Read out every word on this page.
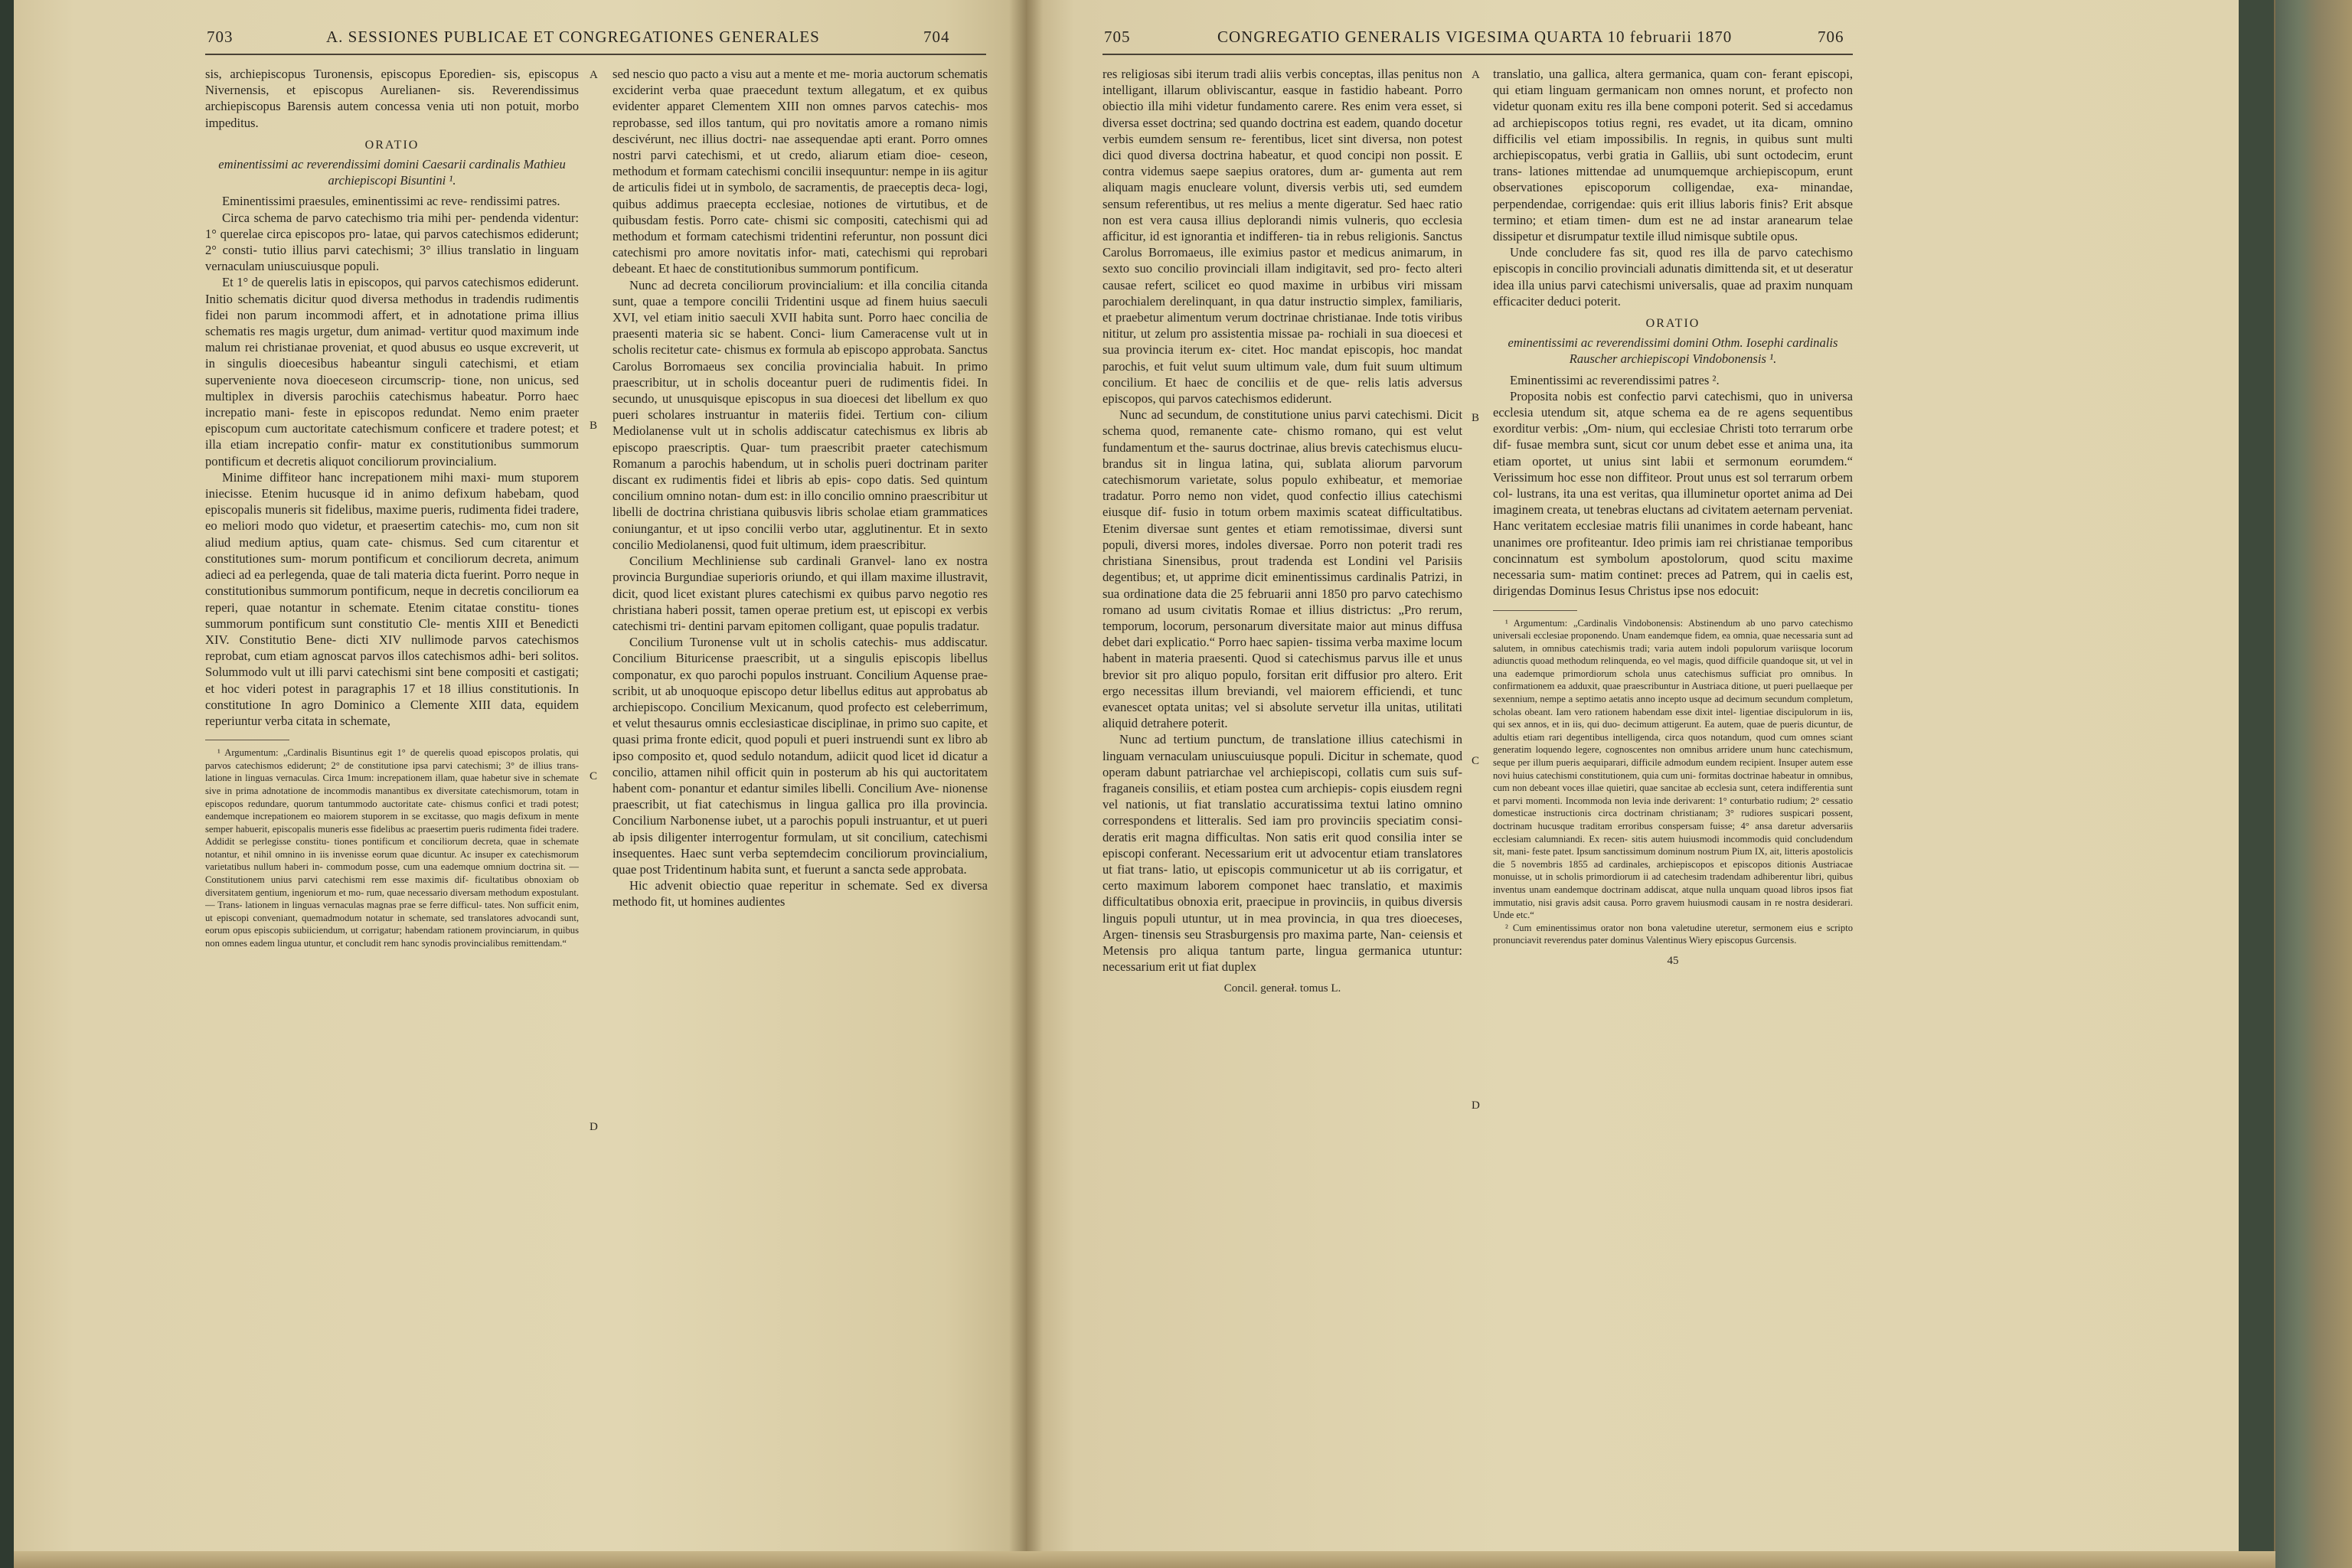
703	A. SESSIONES PUBLICAE ET CONGREGATIONES GENERALES	704

sis, archiepiscopus Turonensis, episcopus Eporedien- sis, episcopus Nivernensis, et episcopus Aurelianen- sis. Reverendissimus archiepiscopus Barensis autem concessa venia uti non potuit, morbo impeditus.

ORATIO
eminentissimi ac reverendissimi domini Caesarii cardinalis Mathieu archiepiscopi Bisuntini ¹.

Eminentissimi praesules, eminentissimi ac reve- rendissimi patres.

Circa schema de parvo catechismo tria mihi per- pendenda videntur: 1° querelae circa episcopos pro- latae, qui parvos catechismos ediderunt; 2° consti- tutio illius parvi catechismi; 3° illius translatio in linguam vernaculam uniuscuiusque populi.

Et 1° de querelis latis in episcopos, qui parvos catechismos ediderunt. Initio schematis dicitur quod diversa methodus in tradendis rudimentis fidei non parum incommodi affert, et in adnotatione prima illius schematis res magis urgetur, dum animad- vertitur quod maximum inde malum rei christianae proveniat, et quod abusus eo usque excreverit, ut in singulis dioecesibus habeantur singuli catechismi, et etiam superveniente nova dioeceseon circumscrip- tione, non unicus, sed multiplex in diversis parochiis catechismus habeatur. Porro haec increpatio mani- feste in episcopos redundat. Nemo enim praeter episcopum cum auctoritate catechismum conficere et tradere potest; et illa etiam increpatio confir- matur ex constitutionibus summorum pontificum et decretis aliquot conciliorum provincialium.

Minime diffiteor hanc increpationem mihi maxi- mum stuporem iniecisse. Etenim hucusque id in animo defixum habebam, quod episcopalis muneris sit fidelibus, maxime pueris, rudimenta fidei tradere, eo meliori modo quo videtur, et praesertim catechis- mo, cum non sit aliud medium aptius, quam cate- chismus. Sed cum citarentur et constitutiones sum- morum pontificum et conciliorum decreta, animum adieci ad ea perlegenda, quae de tali materia dicta fuerint. Porro neque in constitutionibus summorum pontificum, neque in decretis conciliorum ea reperi, quae notantur in schemate. Etenim citatae constitu- tiones summorum pontificum sunt constitutio Cle- mentis XIII et Benedicti XIV. Constitutio Bene- dicti XIV nullimode parvos catechismos reprobat, cum etiam agnoscat parvos illos catechismos adhi- beri solitos. Solummodo vult ut illi parvi catechismi sint bene compositi et castigati; et hoc videri potest in paragraphis 17 et 18 illius constitutionis. In constitutione In agro Dominico a Clemente XIII data, equidem reperiuntur verba citata in schemate,

¹ Argumentum: „Cardinalis Bisuntinus egit 1° de querelis quoad episcopos prolatis, qui parvos catechismos ediderunt; 2° de constitutione ipsa parvi catechismi; 3° de illius trans- latione in linguas vernaculas. Circa 1mum: increpationem illam, quae habetur sive in schemate sive in prima adnotatione de incommodis manantibus ex diversitate catechismorum, totam in episcopos redundare, quorum tantummodo auctoritate cate- chismus confici et tradi potest; eandemque increpationem eo maiorem stuporem in se excitasse, quo magis defixum in mente semper habuerit, episcopalis muneris esse fidelibus ac praesertim pueris rudimenta fidei tradere. Addidit se perlegisse constitu- tiones pontificum et conciliorum decreta, quae in schemate notantur, et nihil omnino in iis invenisse eorum quae dicuntur. Ac insuper ex catechismorum varietatibus nullum haberi in- commodum posse, cum una eademque omnium doctrina sit. — Constitutionem unius parvi catechismi rem esse maximis dif- ficultatibus obnoxiam ob diversitatem gentium, ingeniorum et mo- rum, quae necessario diversam methodum expostulant. — Trans- lationem in linguas vernaculas magnas prae se ferre difficul- tates. Non sufficit enim, ut episcopi conveniant, quemadmodum notatur in schemate, sed translatores advocandi sunt, eorum opus episcopis subiiciendum, ut corrigatur; habendam rationem provinciarum, in quibus non omnes eadem lingua utuntur, et concludit rem hanc synodis provincialibus remittendam.“

sed nescio quo pacto a visu aut a mente et me- moria auctorum schematis exciderint verba quae praecedunt textum allegatum, et ex quibus evidenter apparet Clementem XIII non omnes parvos catechis- mos reprobasse, sed illos tantum, qui pro novitatis amore a romano nimis descivérunt, nec illius doctri- nae assequendae apti erant. Porro omnes nostri parvi catechismi, et ut credo, aliarum etiam dioe- ceseon, methodum et formam catechismi concilii insequuntur: nempe in iis agitur de articulis fidei ut in symbolo, de sacramentis, de praeceptis deca- logi, quibus addimus praecepta ecclesiae, notiones de virtutibus, et de quibusdam festis. Porro cate- chismi sic compositi, catechismi qui ad methodum et formam catechismi tridentini referuntur, non possunt dici catechismi pro amore novitatis infor- mati, catechismi qui reprobari debeant. Et haec de constitutionibus summorum pontificum.

Nunc ad decreta conciliorum provincialium: et illa concilia citanda sunt, quae a tempore concilii Tridentini usque ad finem huius saeculi XVI, vel etiam initio saeculi XVII habita sunt. Porro haec concilia de praesenti materia sic se habent. Conci- lium Cameracense vult ut in scholis recitetur cate- chismus ex formula ab episcopo approbata. Sanctus Carolus Borromaeus sex concilia provincialia habuit. In primo praescribitur, ut in scholis doceantur pueri de rudimentis fidei. In secundo, ut unusquisque episcopus in sua dioecesi det libellum ex quo pueri scholares instruantur in materiis fidei. Tertium con- cilium Mediolanense vult ut in scholis addiscatur catechismus ex libris ab episcopo praescriptis. Quar- tum praescribit praeter catechismum Romanum a parochis habendum, ut in scholis pueri doctrinam pariter discant ex rudimentis fidei et libris ab epis- copo datis. Sed quintum concilium omnino notan- dum est: in illo concilio omnino praescribitur ut libelli de doctrina christiana quibusvis libris scholae etiam grammatices coniungantur, et ut ipso concilii verbo utar, agglutinentur. Et in sexto concilio Mediolanensi, quod fuit ultimum, idem praescribitur.

Concilium Mechliniense sub cardinali Granvel- lano ex nostra provincia Burgundiae superioris oriundo, et qui illam maxime illustravit, dicit, quod licet existant plures catechismi ex quibus parvo negotio res christiana haberi possit, tamen operae pretium est, ut episcopi ex verbis catechismi tri- dentini parvam epitomen colligant, quae populis tradatur.

Concilium Turonense vult ut in scholis catechis- mus addiscatur. Concilium Bituricense praescribit, ut a singulis episcopis libellus componatur, ex quo parochi populos instruant. Concilium Aquense prae- scribit, ut ab unoquoque episcopo detur libellus editus aut approbatus ab archiepiscopo. Concilium Mexicanum, quod profecto est celeberrimum, et velut thesaurus omnis ecclesiasticae disciplinae, in primo suo capite, et quasi prima fronte edicit, quod populi et pueri instruendi sunt ex libro ab ipso composito et, quod sedulo notandum, adiicit quod licet id dicatur a concilio, attamen nihil officit quin in posterum ab his qui auctoritatem habent com- ponantur et edantur similes libelli. Concilium Ave- nionense praescribit, ut fiat catechismus in lingua gallica pro illa provincia. Concilium Narbonense iubet, ut a parochis populi instruantur, et ut pueri ab ipsis diligenter interrogentur formulam, ut sit concilium, catechismi insequentes. Haec sunt verba septemdecim conciliorum provincialium, quae post Tridentinum habita sunt, et fuerunt a sancta sede approbata.

Hic advenit obiectio quae reperitur in schemate. Sed ex diversa methodo fit, ut homines audientes

A
B
C
D
705	CONGREGATIO GENERALIS VIGESIMA QUARTA 10 februarii 1870	706

res religiosas sibi iterum tradi aliis verbis conceptas, illas penitus non intelligant, illarum obliviscantur, easque in fastidio habeant. Porro obiectio illa mihi videtur fundamento carere. Res enim vera esset, si diversa esset doctrina; sed quando doctrina est eadem, quando docetur verbis eumdem sensum re- ferentibus, licet sint diversa, non potest dici quod diversa doctrina habeatur, et quod concipi non possit. E contra videmus saepe saepius oratores, dum ar- gumenta aut rem aliquam magis enucleare volunt, diversis verbis uti, sed eumdem sensum referentibus, ut res melius a mente digeratur. Sed haec ratio non est vera causa illius deplorandi nimis vulneris, quo ecclesia afficitur, id est ignorantia et indifferen- tia in rebus religionis. Sanctus Carolus Borromaeus, ille eximius pastor et medicus animarum, in sexto suo concilio provinciali illam indigitavit, sed pro- fecto alteri causae refert, scilicet eo quod maxime in urbibus viri missam parochialem derelinquant, in qua datur instructio simplex, familiaris, et praebetur alimentum verum doctrinae christianae. Inde totis viribus nititur, ut zelum pro assistentia missae pa- rochiali in sua dioecesi et sua provincia iterum ex- citet. Hoc mandat episcopis, hoc mandat parochis, et fuit velut suum ultimum vale, dum fuit suum ultimum concilium. Et haec de conciliis et de que- relis latis adversus episcopos, qui parvos catechismos ediderunt.

Nunc ad secundum, de constitutione unius parvi catechismi. Dicit schema quod, remanente cate- chismo romano, qui est velut fundamentum et the- saurus doctrinae, alius brevis catechismus elucu- brandus sit in lingua latina, qui, sublata aliorum parvorum catechismorum varietate, solus populo exhibeatur, et memoriae tradatur. Porro nemo non videt, quod confectio illius catechismi eiusque dif- fusio in totum orbem maximis scateat difficultatibus. Etenim diversae sunt gentes et etiam remotissimae, diversi sunt populi, diversi mores, indoles diversae. Porro non poterit tradi res christiana Sinensibus, prout tradenda est Londini vel Parisiis degentibus; et, ut apprime dicit eminentissimus cardinalis Patrizi, in sua ordinatione data die 25 februarii anni 1850 pro parvo catechismo romano ad usum civitatis Romae et illius districtus: „Pro rerum, temporum, locorum, personarum diversitate maior aut minus diffusa debet dari explicatio.“ Porro haec sapien- tissima verba maxime locum habent in materia praesenti. Quod si catechismus parvus ille et unus brevior sit pro aliquo populo, forsitan erit diffusior pro altero. Erit ergo necessitas illum breviandi, vel maiorem efficiendi, et tunc evanescet optata unitas; vel si absolute servetur illa unitas, utilitati aliquid detrahere poterit.

Nunc ad tertium punctum, de translatione illius catechismi in linguam vernaculam uniuscuiusque populi. Dicitur in schemate, quod operam dabunt patriarchae vel archiepiscopi, collatis cum suis suf- fraganeis consiliis, et etiam postea cum archiepis- copis eiusdem regni vel nationis, ut fiat translatio accuratissima textui latino omnino correspondens et litteralis. Sed iam pro provinciis speciatim consi- deratis erit magna difficultas. Non satis erit quod consilia inter se episcopi conferant. Necessarium erit ut advocentur etiam translatores ut fiat trans- latio, ut episcopis communicetur ut ab iis corrigatur, et certo maximum laborem componet haec translatio, et maximis difficultatibus obnoxia erit, praecipue in provinciis, in quibus diversis linguis populi utuntur, ut in mea provincia, in qua tres dioeceses, Argen- tinensis seu Strasburgensis pro maxima parte, Nan- ceiensis et Metensis pro aliqua tantum parte, lingua germanica utuntur: necessarium erit ut fiat duplex

Concil. generał. tomus L.

translatio, una gallica, altera germanica, quam con- ferant episcopi, qui etiam linguam germanicam non omnes norunt, et profecto non videtur quonam exitu res illa bene componi poterit. Sed si accedamus ad archiepiscopos totius regni, res evadet, ut ita dicam, omnino difficilis vel etiam impossibilis. In regnis, in quibus sunt multi archiepiscopatus, verbi gratia in Galliis, ubi sunt octodecim, erunt trans- lationes mittendae ad unumquemque archiepiscopum, erunt observationes episcoporum colligendae, exa- minandae, perpendendae, corrigendae: quis erit illius laboris finis? Erit absque termino; et etiam timen- dum est ne ad instar aranearum telae dissipetur et disrumpatur textile illud nimisque subtile opus.

Unde concludere fas sit, quod res illa de parvo catechismo episcopis in concilio provinciali adunatis dimittenda sit, et ut deseratur idea illa unius parvi catechismi universalis, quae ad praxim nunquam efficaciter deduci poterit.

ORATIO
eminentissimi ac reverendissimi domini Othm. Iosephi cardinalis Rauscher archiepiscopi Vindobonensis ¹.

Eminentissimi ac reverendissimi patres ².

Proposita nobis est confectio parvi catechismi, quo in universa ecclesia utendum sit, atque schema ea de re agens sequentibus exorditur verbis: „Om- nium, qui ecclesiae Christi toto terrarum orbe dif- fusae membra sunt, sicut cor unum debet esse et anima una, ita etiam oportet, ut unius sint labii et sermonum eorumdem.“ Verissimum hoc esse non diffiteor. Prout unus est sol terrarum orbem col- lustrans, ita una est veritas, qua illuminetur oportet anima ad Dei imaginem creata, ut tenebras eluctans ad civitatem aeternam perveniat. Hanc veritatem ecclesiae matris filii unanimes in corde habeant, hanc unanimes ore profiteantur. Ideo primis iam rei christianae temporibus concinnatum est symbolum apostolorum, quod scitu maxime necessaria sum- matim continet: preces ad Patrem, qui in caelis est, dirigendas Dominus Iesus Christus ipse nos edocuit:

¹ Argumentum: „Cardinalis Vindobonensis: Abstinendum ab uno parvo catechismo universali ecclesiae proponendo. Unam eandemque fidem, ea omnia, quae necessaria sunt ad salutem, in omnibus catechismis tradi; varia autem indoli populorum variisque locorum adiunctis quoad methodum relinquenda, eo vel magis, quod difficile quandoque sit, ut vel in una eademque primordiorum schola unus catechismus sufficiat pro omnibus. In confirmationem ea adduxit, quae praescribuntur in Austriaca ditione, ut pueri puellaeque per sexennium, nempe a septimo aetatis anno incepto usque ad decimum secundum completum, scholas obeant. Iam vero rationem habendam esse dixit intel- ligentiae discipulorum in iis, qui sex annos, et in iis, qui duo- decimum attigerunt. Ea autem, quae de pueris dicuntur, de adultis etiam rari degentibus intelligenda, circa quos notandum, quod cum omnes sciant generatim loquendo legere, cognoscentes non omnibus arridere unum hunc catechismum, seque per illum pueris aequiparari, difficile admodum eundem recipient. Insuper autem esse novi huius catechismi constitutionem, quia cum uni- formitas doctrinae habeatur in omnibus, cum non debeant voces illae quietiri, quae sancitae ab ecclesia sunt, cetera indifferentia sunt et parvi momenti. Incommoda non levia inde derivarent: 1° conturbatio rudium; 2° cessatio domesticae instructionis circa doctrinam christianam; 3° rudiores suspicari possent, doctrinam hucusque traditam erroribus conspersam fuisse; 4° ansa daretur adversariis ecclesiam calumniandi. Ex recen- sitis autem huiusmodi incommodis quid concludendum sit, mani- feste patet. Ipsum sanctissimum dominum nostrum Pium IX, ait, litteris apostolicis die 5 novembris 1855 ad cardinales, archiepiscopos et episcopos ditionis Austriacae monuisse, ut in scholis primordiorum ii ad catechesim tradendam adhiberentur libri, quibus inventus unam eandemque doctrinam addiscat, atque nulla unquam quoad libros ipsos fiat immutatio, nisi gravis adsit causa. Porro gravem huiusmodi causam in re nostra desiderari. Unde etc.“

² Cum eminentissimus orator non bona valetudine uteretur, sermonem eius e scripto pronunciavit reverendus pater dominus Valentinus Wiery episcopus Gurcensis.

45
A
B
C
D
